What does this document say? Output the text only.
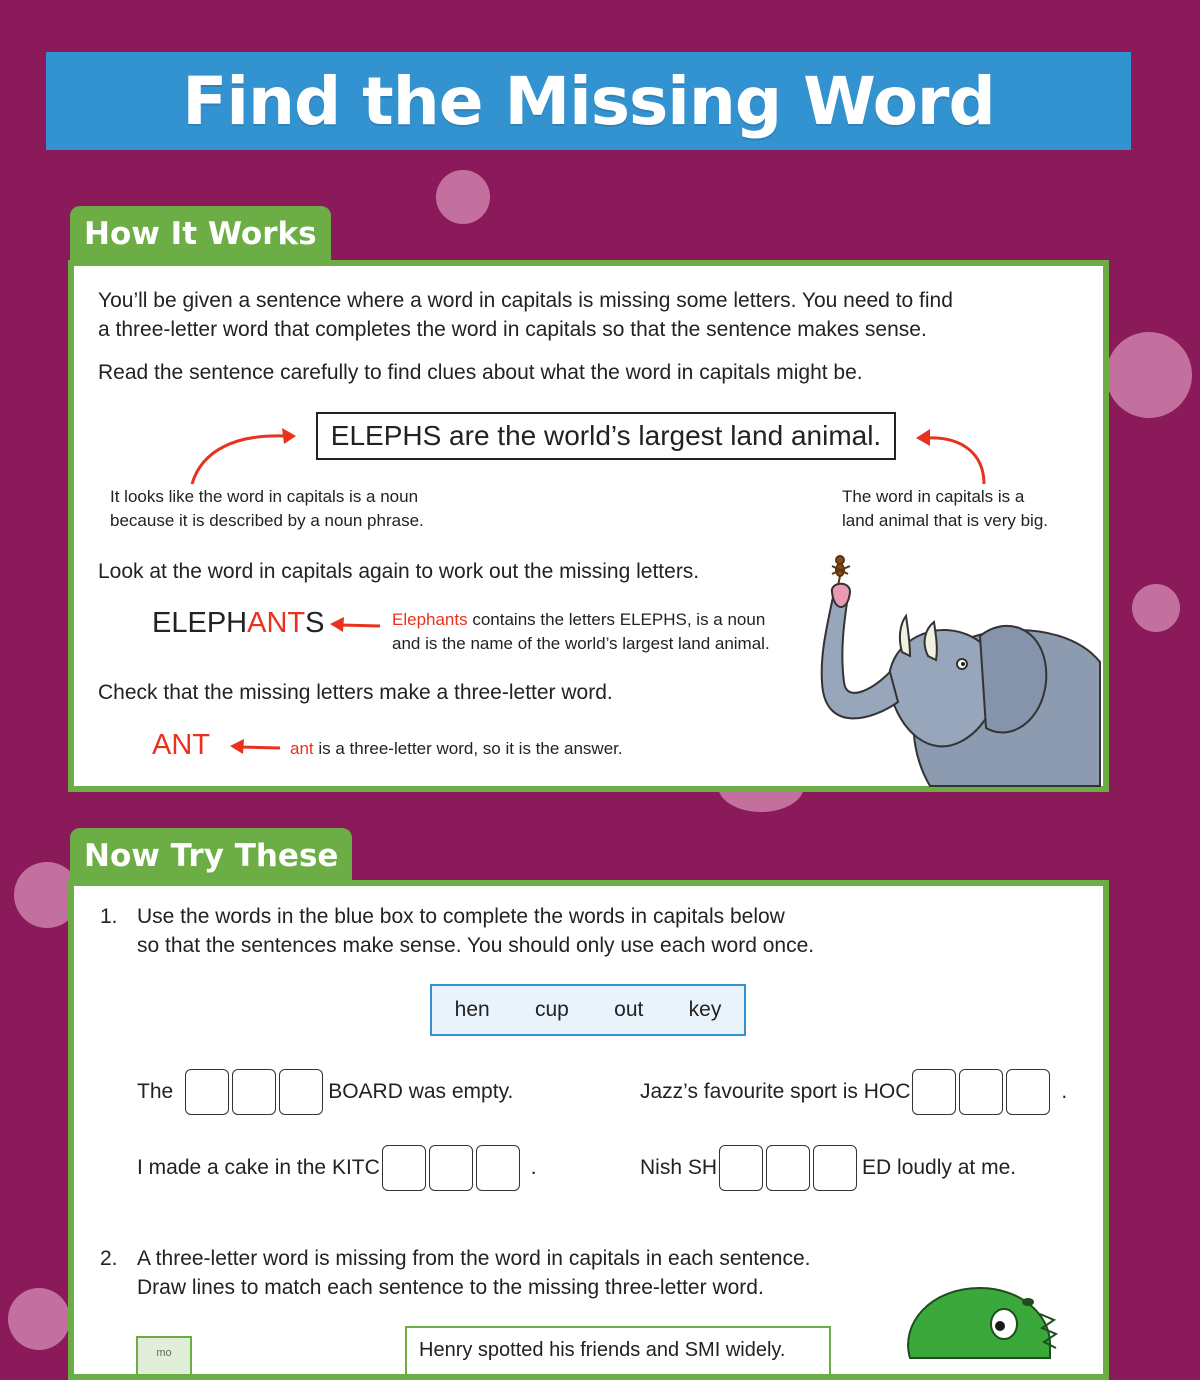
Find the Missing Word
How It Works
You’ll be given a sentence where a word in capitals is missing some letters. You need to find
a three-letter word that completes the word in capitals so that the sentence makes sense.
Read the sentence carefully to find clues about what the word in capitals might be.
ELEPHS are the world’s largest land animal.
It looks like the word in capitals is a noun
because it is described by a noun phrase.
The word in capitals is a
land animal that is very big.
Look at the word in capitals again to work out the missing letters.
ELEPHANTS	Elephants contains the letters ELEPHS, is a noun
and is the name of the world’s largest land animal.
Check that the missing letters make a three-letter word.
ANT	ant is a three-letter word, so it is the answer.
Now Try These
1. Use the words in the blue box to complete the words in capitals below
so that the sentences make sense. You should only use each word once.
hen cup out key
The	BOARD was empty.	Jazz’s favourite sport is HOC	.
I made a cake in the KITC	.	Nish SH	ED loudly at me.
2. A three-letter word is missing from the word in capitals in each sentence.
Draw lines to match each sentence to the missing three-letter word.
mo	Henry spotted his friends and SMI widely.
